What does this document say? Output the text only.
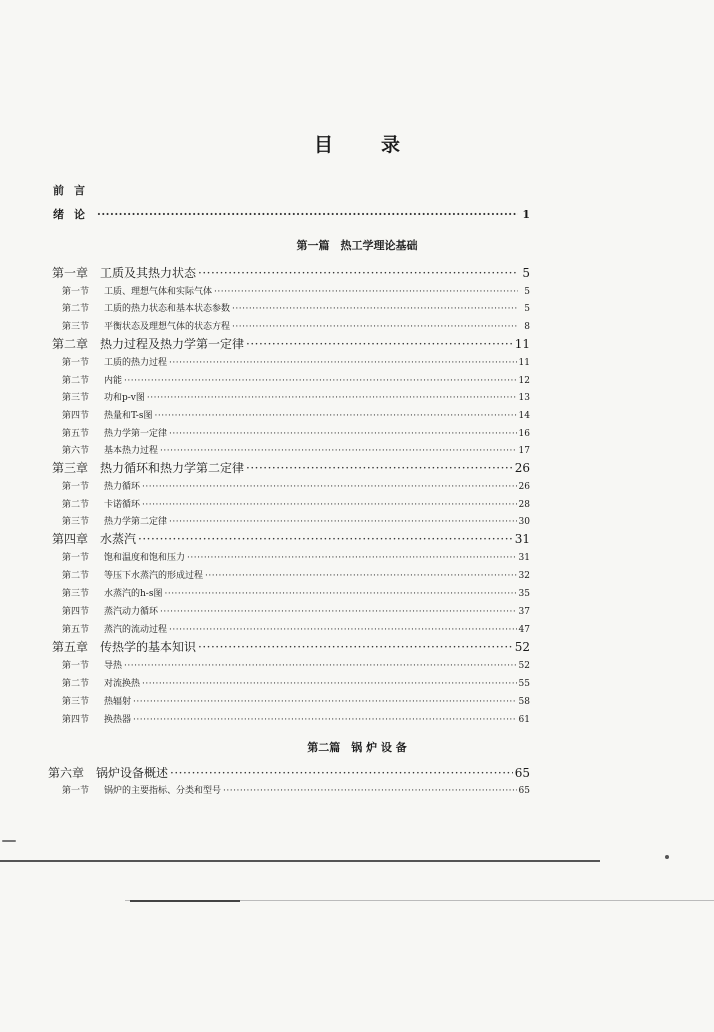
目	录
前言
绪论 ·····	1
第一篇　热工学理论基础
第一章 工质及其热力状态 ·····	5
第一节	工质、理想气体和实际气体 ·····	5
第二节	工质的热力状态和基本状态参数 ·····	5
第三节	平衡状态及理想气体的状态方程 ·····	8
第二章 热力过程及热力学第一定律 ·····	11
第一节	工质的热力过程 ·····	11
第二节	内能 ·····	12
第三节	功和p-v图 ·····	13
第四节	热量和T-s图 ·····	14
第五节	热力学第一定律 ·····	16
第六节	基本热力过程 ·····	17
第三章 热力循环和热力学第二定律 ·····	26
第一节	热力循环 ·····	26
第二节	卡诺循环 ·····	28
第三节	热力学第二定律 ·····	30
第四章 水蒸汽 ·····	31
第一节	饱和温度和饱和压力 ·····	31
第二节	等压下水蒸汽的形成过程 ·····	32
第三节	水蒸汽的h-s图 ·····	35
第四节	蒸汽动力循环 ·····	37
第五节	蒸汽的流动过程 ·····	47
第五章 传热学的基本知识 ·····	52
第一节	导热 ·····	52
第二节	对流换热 ·····	55
第三节	热辐射 ·····	58
第四节	换热器 ·····	61
第二篇　锅 炉 设 备
第六章 锅炉设备概述 ·····	65
第一节	锅炉的主要指标、分类和型号 ·····	65
